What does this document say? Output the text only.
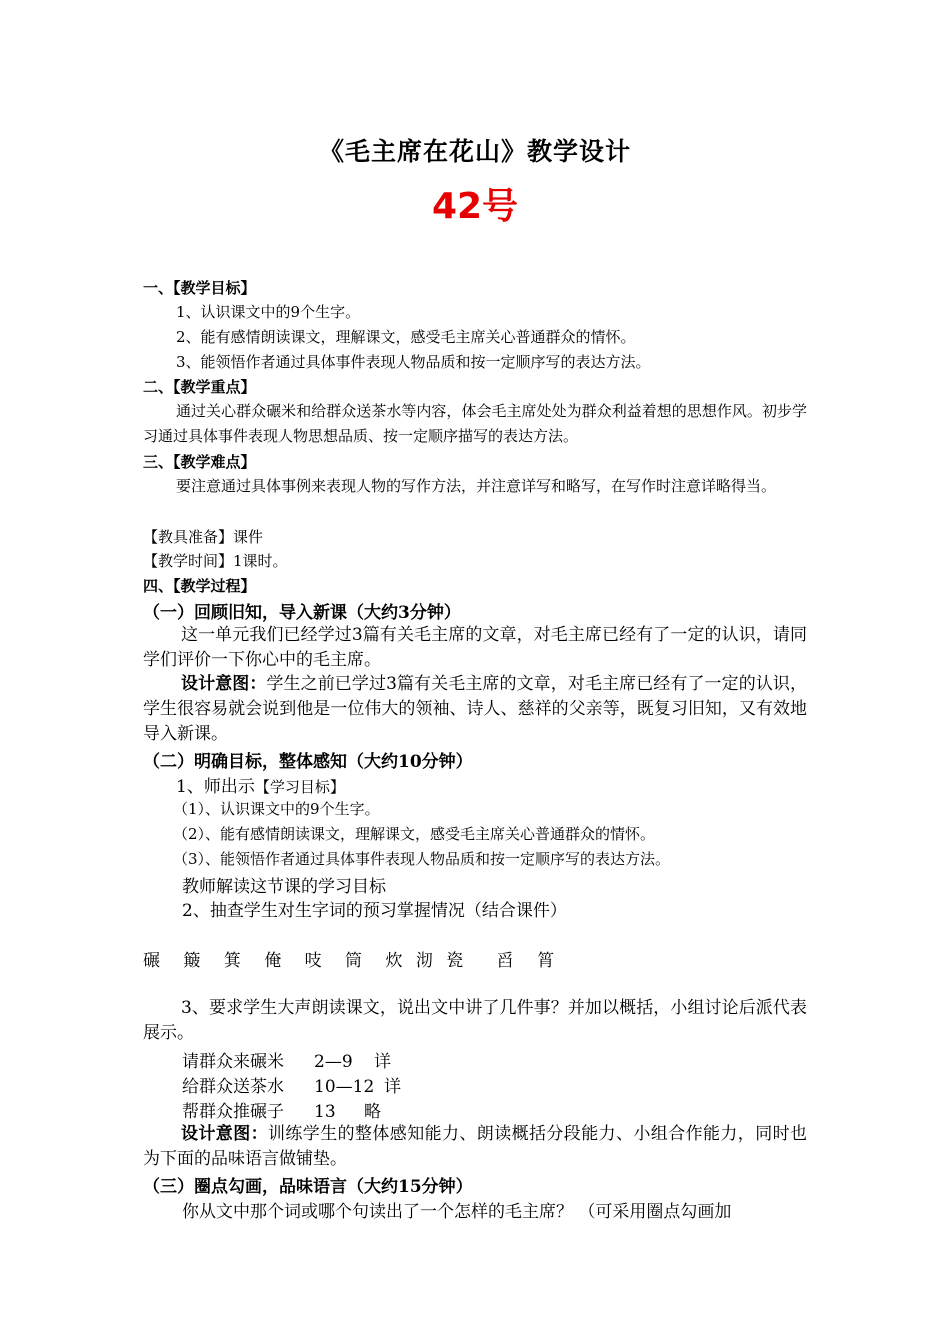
《毛主席在花山》教学设计
42号
一、【教学目标】
1、认识课文中的9个生字。
2、能有感情朗读课文，理解课文，感受毛主席关心普通群众的情怀。
3、能领悟作者通过具体事件表现人物品质和按一定顺序写的表达方法。
二、【教学重点】
通过关心群众碾米和给群众送茶水等内容，体会毛主席处处为群众利益着想的思想作风。初步学习通过具体事件表现人物思想品质、按一定顺序描写的表达方法。
三、【教学难点】
要注意通过具体事例来表现人物的写作方法，并注意详写和略写，在写作时注意详略得当。
【教具准备】课件
【教学时间】1课时。
四、【教学过程】
（一）回顾旧知，导入新课（大约3分钟）
这一单元我们已经学过3篇有关毛主席的文章，对毛主席已经有了一定的认识，请同学们评价一下你心中的毛主席。
设计意图：学生之前已学过3篇有关毛主席的文章，对毛主席已经有了一定的认识，学生很容易就会说到他是一位伟大的领袖、诗人、慈祥的父亲等，既复习旧知，又有效地导入新课。
（二）明确目标，整体感知（大约10分钟）
1、师出示【学习目标】
（1）、认识课文中的9个生字。
（2）、能有感情朗读课文，理解课文，感受毛主席关心普通群众的情怀。
（3）、能领悟作者通过具体事件表现人物品质和按一定顺序写的表达方法。
教师解读这节课的学习目标
2、抽查学生对生字词的预习掌握情况（结合课件）
碾 簸 箕 俺 吱 筒 炊 沏 瓷 舀 筲
3、要求学生大声朗读课文，说出文中讲了几件事？并加以概括，小组讨论后派代表展示。
请群众来碾米 2—9 详
给群众送茶水 10—12 详
帮群众推碾子 13 略
设计意图：训练学生的整体感知能力、朗读概括分段能力、小组合作能力，同时也为下面的品味语言做铺垫。
（三）圈点勾画，品味语言（大约15分钟）
你从文中那个词或哪个句读出了一个怎样的毛主席？ （可采用圈点勾画加
